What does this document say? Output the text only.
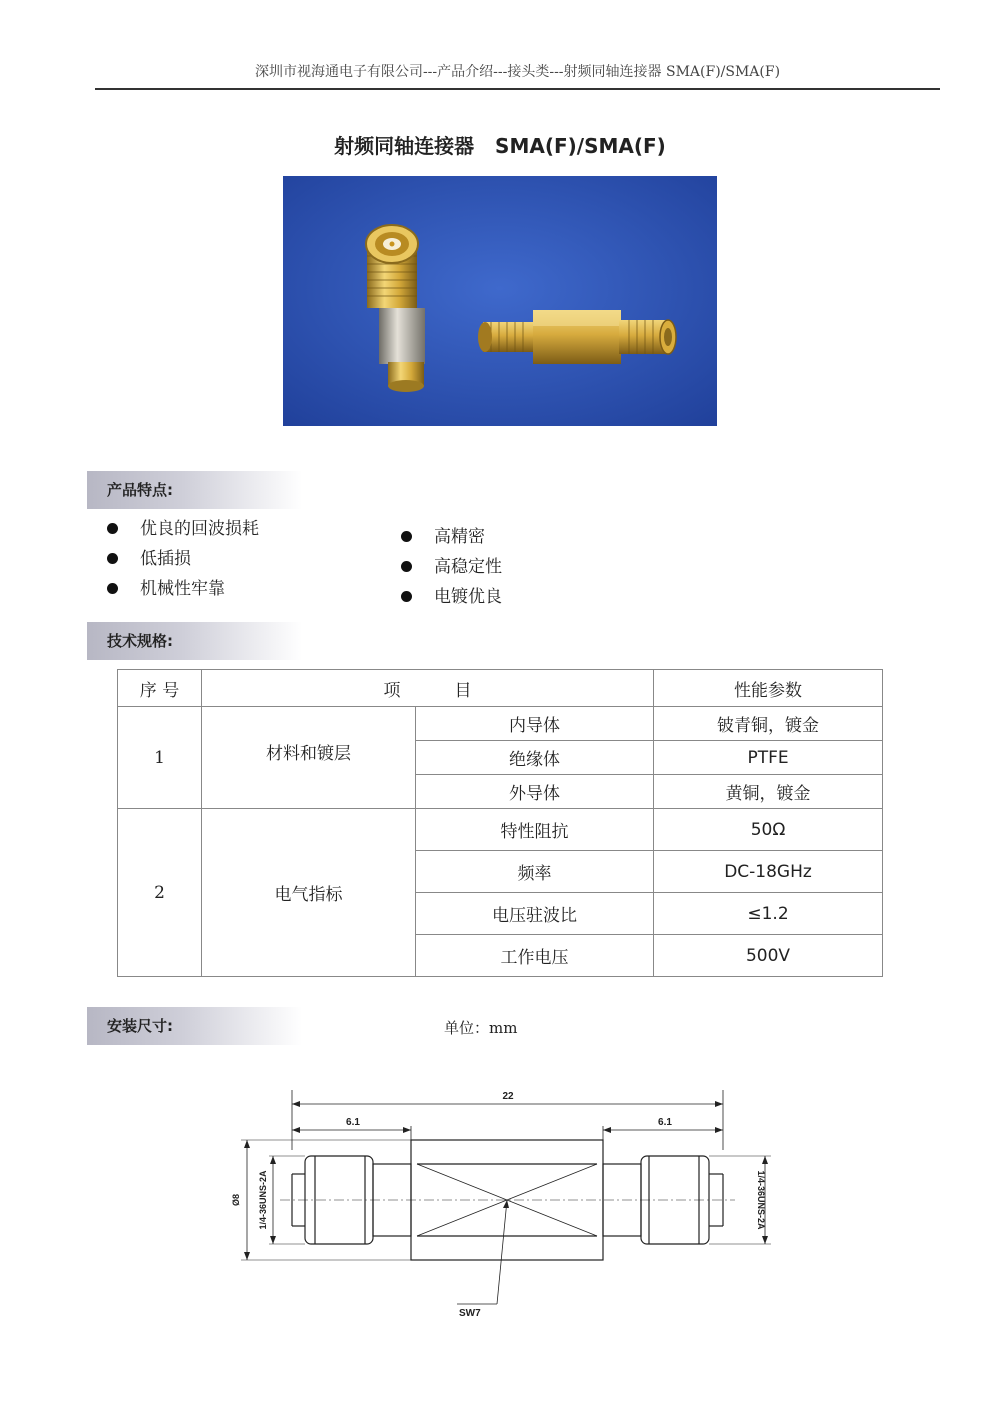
深圳市视海通电子有限公司---产品介绍---接头类---射频同轴连接器 SMA(F)/SMA(F)
射频同轴连接器   SMA(F)/SMA(F)
产品特点:
优良的回波损耗
低插损
机械性牢靠
高精密
高稳定性
电镀优良
技术规格:
序 号	项          目		性能参数
1	材料和镀层	内导体	铍青铜，镀金
		绝缘体	PTFE
		外导体	黄铜，镀金
2	电气指标	特性阻抗	50Ω
		频率	DC-18GHz
		电压驻波比	≤1.2
		工作电压	500V
安装尺寸:	单位：mm
22
6.1	6.1
Ø8 1/4-36UNS-2A	1/4-36UNS-2A
SW7
